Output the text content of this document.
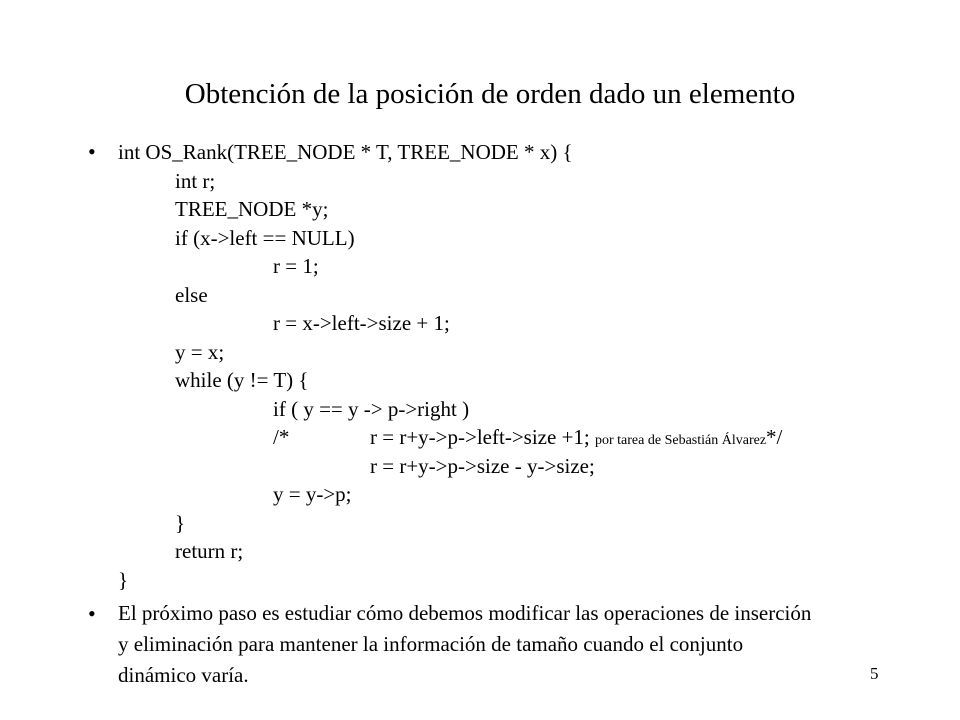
Obtención de la posición de orden dado un elemento
• int OS_Rank(TREE_NODE * T, TREE_NODE * x) {
int r;
TREE_NODE *y;
if (x->left == NULL)
r = 1;
else
r = x->left->size + 1;
y = x;
while (y != T) {
if ( y == y -> p->right )
/*	r = r+y->p->left->size +1; por tarea de Sebastián Álvarez*/
r = r+y->p->size - y->size;
y = y->p;
}
return r;
}
• El próximo paso es estudiar cómo debemos modificar las operaciones de inserción y eliminación para mantener la información de tamaño cuando el conjunto dinámico varía.	5
